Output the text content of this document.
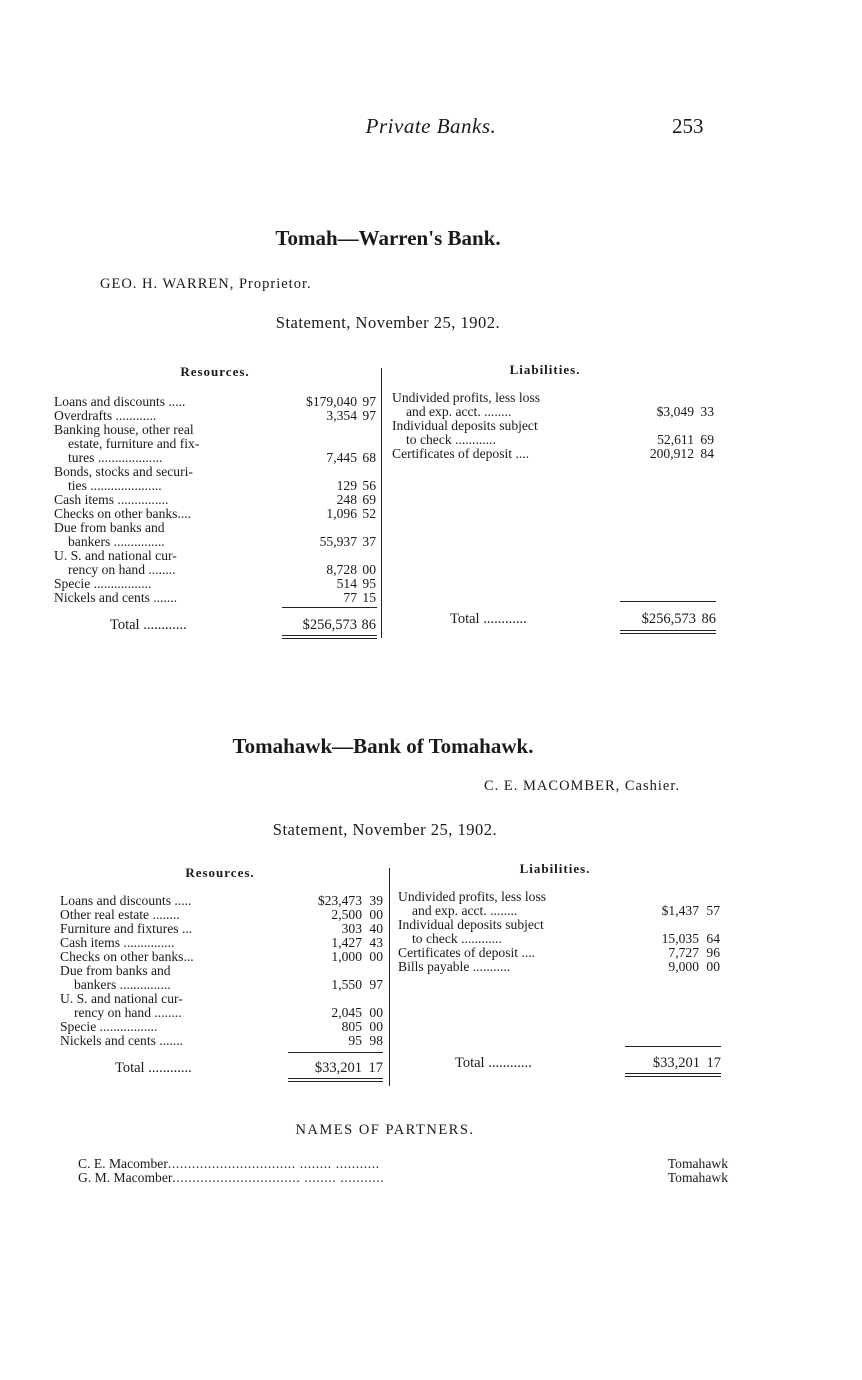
Private Banks.	253
Tomah—Warren's Bank.
GEO. H. WARREN, Proprietor.
Statement, November 25, 1902.
Resources.	Liabilities.
Loans and discounts .....	$179,040 97
Overdrafts ............	3,354 97
Banking house, other real
estate, furniture and fix-
tures ...................	7,445 68
Bonds, stocks and securi-
ties .....................	129 56
Cash items ...............	248 69
Checks on other banks....	1,096 52
Due from banks and
bankers ...............	55,937 37
U. S. and national cur-
rency on hand ........	8,728 00
Specie .................	514 95
Nickels and cents .......	77 15
Total ............	$256,573 86
Undivided profits, less loss
and exp. acct. ........	$3,049 33
Individual deposits subject
to check ............	52,611 69
Certificates of deposit ....	200,912 84
Total ............	$256,573 86
Tomahawk—Bank of Tomahawk.
C. E. MACOMBER, Cashier.
Statement, November 25, 1902.
Resources.	Liabilities.
Loans and discounts .....	$23,473 39
Other real estate ........	2,500 00
Furniture and fixtures ...	303 40
Cash items ...............	1,427 43
Checks on other banks...	1,000 00
Due from banks and
bankers ...............	1,550 97
U. S. and national cur-
rency on hand ........	2,045 00
Specie .................	805 00
Nickels and cents .......	95 98
Total ............	$33,201 17
Undivided profits, less loss
and exp. acct. ........	$1,437 57
Individual deposits subject
to check ............	15,035 64
Certificates of deposit ....	7,727 96
Bills payable ...........	9,000 00
Total ............	$33,201 17
NAMES OF PARTNERS.
C. E. Macomber ................................ ........ ...........	Tomahawk
G. M. Macomber ................................ ........ ...........	Tomahawk
